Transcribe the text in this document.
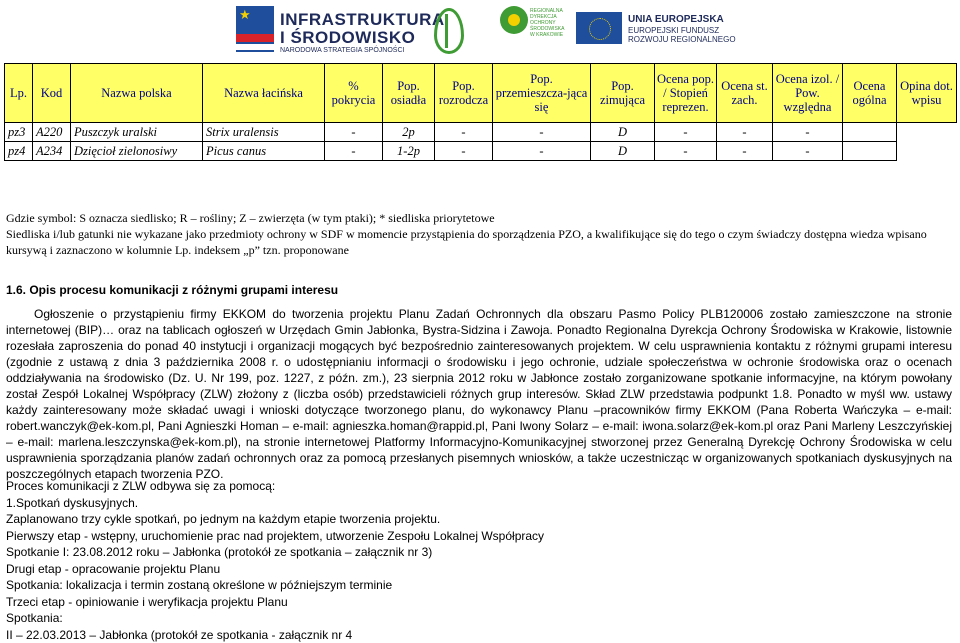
★ INFRASTRUKTURA
I ŚRODOWISKO
NARODOWA STRATEGIA SPÓJNOŚCI
REGIONALNA DYREKCJA OCHRONY ŚRODOWISKA W KRAKOWIE
UNIA EUROPEJSKA
EUROPEJSKI FUNDUSZ
ROZWOJU REGIONALNEGO
Lp.	Kod	Nazwa polska	Nazwa łacińska	% pokrycia	Pop. osiadła	Pop. rozrodcza	Pop. przemieszcza-jąca się	Pop. zimująca	Ocena pop. / Stopień reprezen.	Ocena st. zach.	Ocena izol. / Pow. względna	Ocena ogólna	Opina dot. wpisu
pz3	A220	Puszczyk uralski	Strix uralensis	-	2p	-	-	D	-	-	-		
pz4	A234	Dzięcioł zielonosiwy	Picus canus	-	1-2p	-	-	D	-	-	-		

Gdzie symbol: S oznacza siedlisko; R – rośliny; Z – zwierzęta (w tym ptaki); * siedliska priorytetowe

Siedliska i/lub gatunki nie wykazane jako przedmioty ochrony w SDF w momencie przystąpienia do sporządzenia PZO, a kwalifikujące się do tego o czym świadczy dostępna wiedza wpisano kursywą i zaznaczono w kolumnie Lp. indeksem „p” tzn. proponowane

1.6. Opis procesu komunikacji z różnymi grupami interesu

Ogłoszenie o przystąpieniu firmy EKKOM do tworzenia projektu Planu Zadań Ochronnych dla obszaru Pasmo Policy PLB120006 zostało zamieszczone na stronie internetowej (BIP)… oraz na tablicach ogłoszeń w Urzędach Gmin Jabłonka, Bystra-Sidzina i Zawoja. Ponadto Regionalna Dyrekcja Ochrony Środowiska w Krakowie, listownie rozesłała zaproszenia do ponad 40 instytucji i organizacji mogących być bezpośrednio zainteresowanych projektem. W celu usprawnienia kontaktu z różnymi grupami interesu (zgodnie z ustawą z dnia 3 października 2008 r. o udostępnianiu informacji o środowisku i jego ochronie, udziale społeczeństwa w ochronie środowiska oraz o ocenach oddziaływania na środowisko (Dz. U. Nr 199, poz. 1227, z późn. zm.), 23 sierpnia 2012 roku w Jabłonce zostało zorganizowane spotkanie informacyjne, na którym powołany został Zespół Lokalnej Współpracy (ZLW) złożony z (liczba osób) przedstawicieli różnych grup interesów. Skład ZLW przedstawia podpunkt 1.8. Ponadto w myśl ww. ustawy każdy zainteresowany może składać uwagi i wnioski dotyczące tworzonego planu, do wykonawcy Planu –pracowników firmy EKKOM (Pana Roberta Wańczyka – e-mail: robert.wanczyk@ek-kom.pl, Pani Agnieszki Homan – e-mail: agnieszka.homan@rappid.pl, Pani Iwony Solarz – e-mail: iwona.solarz@ek-kom.pl oraz Pani Marleny Leszczyńskiej – e-mail: marlena.leszczynska@ek-kom.pl), na stronie internetowej Platformy Informacyjno-Komunikacyjnej stworzonej przez Generalną Dyrekcję Ochrony Środowiska w celu usprawnienia sporządzania planów zadań ochronnych oraz za pomocą przesłanych pisemnych wniosków, a także uczestnicząc w organizowanych spotkaniach dyskusyjnych na poszczególnych etapach tworzenia PZO.

Proces komunikacji z ZLW odbywa się za pomocą:
1.Spotkań dyskusyjnych.
Zaplanowano trzy cykle spotkań, po jednym na każdym etapie tworzenia projektu.
Pierwszy etap - wstępny, uruchomienie prac nad projektem, utworzenie Zespołu Lokalnej Współpracy
Spotkanie I: 23.08.2012 roku – Jabłonka (protokół ze spotkania – załącznik nr 3)
Drugi etap - opracowanie projektu Planu
Spotkania: lokalizacja i termin zostaną określone w późniejszym terminie
Trzeci etap - opiniowanie i weryfikacja projektu Planu
Spotkania:
II – 22.03.2013 – Jabłonka (protokół ze spotkania - załącznik nr 4
